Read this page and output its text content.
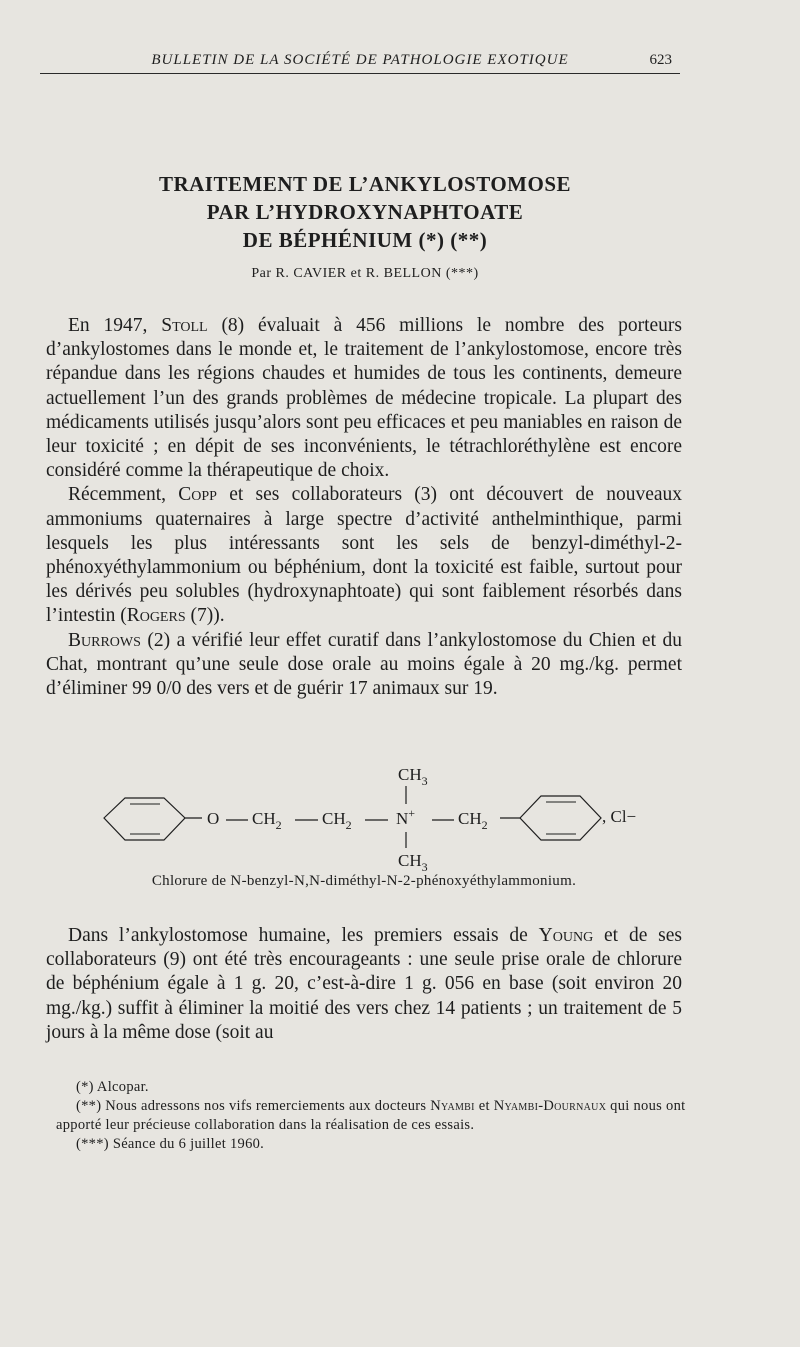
BULLETIN DE LA SOCIÉTÉ DE PATHOLOGIE EXOTIQUE	623
TRAITEMENT DE L’ANKYLOSTOMOSE
PAR L’HYDROXYNAPHTOATE
DE BÉPHÉNIUM (*) (**)
Par R. CAVIER et R. BELLON (***)

En 1947, Stoll (8) évaluait à 456 millions le nombre des porteurs d’ankylostomes dans le monde et, le traitement de l’ankylostomose, encore très répandue dans les régions chaudes et humides de tous les continents, demeure actuellement l’un des grands problèmes de médecine tropicale. La plupart des médicaments utilisés jusqu’alors sont peu efficaces et peu maniables en raison de leur toxicité ; en dépit de ses inconvénients, le tétrachloréthylène est encore considéré comme la thérapeutique de choix.

Récemment, Copp et ses collaborateurs (3) ont découvert de nouveaux ammoniums quaternaires à large spectre d’activité anthelminthique, parmi lesquels les plus intéressants sont les sels de benzyl-diméthyl-2-phénoxyéthylammonium ou béphénium, dont la toxicité est faible, surtout pour les dérivés peu solubles (hydroxynaphtoate) qui sont faiblement résorbés dans l’intestin (Rogers (7)).

Burrows (2) a vérifié leur effet curatif dans l’ankylostomose du Chien et du Chat, montrant qu’une seule dose orale au moins égale à 20 mg./kg. permet d’éliminer 99 0/0 des vers et de guérir 17 animaux sur 19.

O $CH_2$ $CH_2$	N+
$CH_3$
$CH_3$
$CH_2$	, Cl−
Chlorure de N-benzyl-N,N-diméthyl-N-2-phénoxyéthylammonium.

Dans l’ankylostomose humaine, les premiers essais de Young et de ses collaborateurs (9) ont été très encourageants : une seule prise orale de chlorure de béphénium égale à 1 g. 20, c’est-à-dire 1 g. 056 en base (soit environ 20 mg./kg.) suffit à éliminer la moitié des vers chez 14 patients ; un traitement de 5 jours à la même dose (soit au

(*) Alcopar.

(**) Nous adressons nos vifs remerciements aux docteurs Nyambi et Nyambi-Dournaux qui nous ont apporté leur précieuse collaboration dans la réalisation de ces essais.

(***) Séance du 6 juillet 1960.
